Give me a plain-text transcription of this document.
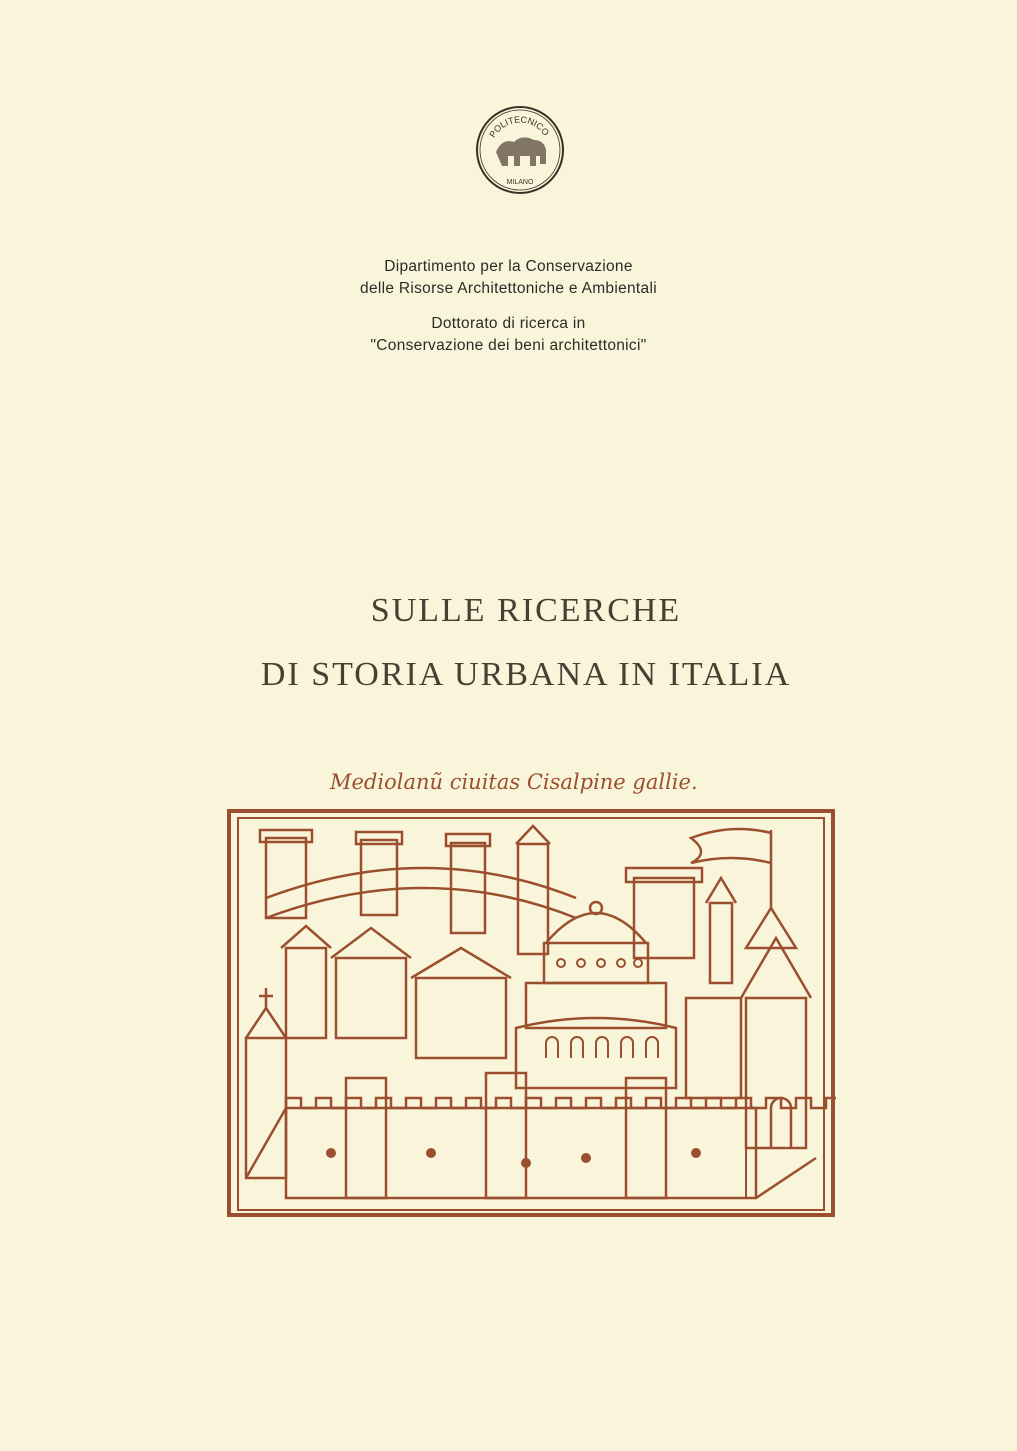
POLITECNICO
MILANO
Dipartimento per la Conservazione
delle Risorse Architettoniche e Ambientali
Dottorato di ricerca in
"Conservazione dei beni architettonici"
SULLE RICERCHE
DI STORIA URBANA IN ITALIA
Mediolanũ ciuitas Cisalpine gallie.
